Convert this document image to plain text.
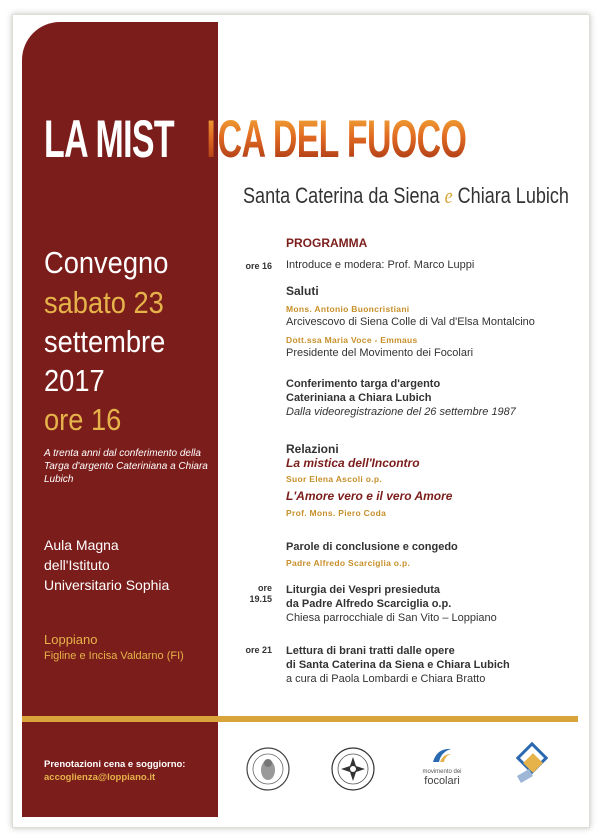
LA MIST ICA DEL FUOCO
Santa Caterina da Siena e Chiara Lubich
Convegno
sabato 23
settembre
2017
ore 16
A trenta anni dal conferimento della Targa d'argento Cateriniana a Chiara Lubich
Aula Magna
dell'Istituto
Universitario Sophia
Loppiano
Figline e Incisa Valdarno (FI)
Prenotazioni cena e soggiorno:
accoglienza@loppiano.it
PROGRAMMA
ore 16 Introduce e modera: Prof. Marco Luppi
Saluti
Mons. Antonio Buoncristiani
Arcivescovo di Siena Colle di Val d'Elsa Montalcino
Dott.ssa Maria Voce - Emmaus
Presidente del Movimento dei Focolari
Conferimento targa d'argento
Cateriniana a Chiara Lubich
Dalla videoregistrazione del 26 settembre 1987
Relazioni
La mistica dell'Incontro
Suor Elena Ascoli o.p.
L'Amore vero e il vero Amore
Prof. Mons. Piero Coda
Parole di conclusione e congedo
Padre Alfredo Scarciglia o.p.
ore
19.15
Liturgia dei Vespri presieduta
da Padre Alfredo Scarciglia o.p.
Chiesa parrocchiale di San Vito – Loppiano
ore 21 Lettura di brani tratti dalle opere
di Santa Caterina da Siena e Chiara Lubich
a cura di Paola Lombardi e Chiara Bratto
movimento dei
focolari
